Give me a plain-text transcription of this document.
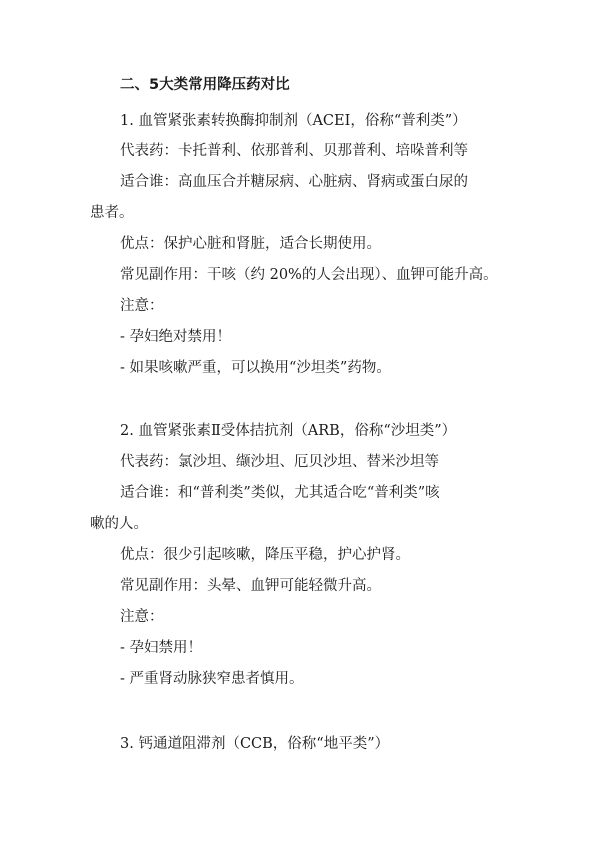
二、5大类常用降压药对比
1. 血管紧张素转换酶抑制剂（ACEI，俗称“普利类”）
代表药：卡托普利、依那普利、贝那普利、培哚普利等
适合谁：高血压合并糖尿病、心脏病、肾病或蛋白尿的
患者。
优点：保护心脏和肾脏，适合长期使用。
常见副作用：干咳（约 20%的人会出现）、血钾可能升高。
注意：
- 孕妇绝对禁用！
- 如果咳嗽严重，可以换用“沙坦类”药物。
2. 血管紧张素Ⅱ受体拮抗剂（ARB，俗称“沙坦类”）
代表药：氯沙坦、缬沙坦、厄贝沙坦、替米沙坦等
适合谁：和“普利类”类似，尤其适合吃“普利类”咳
嗽的人。
优点：很少引起咳嗽，降压平稳，护心护肾。
常见副作用：头晕、血钾可能轻微升高。
注意：
- 孕妇禁用！
- 严重肾动脉狭窄患者慎用。
3. 钙通道阻滞剂（CCB，俗称“地平类”）
